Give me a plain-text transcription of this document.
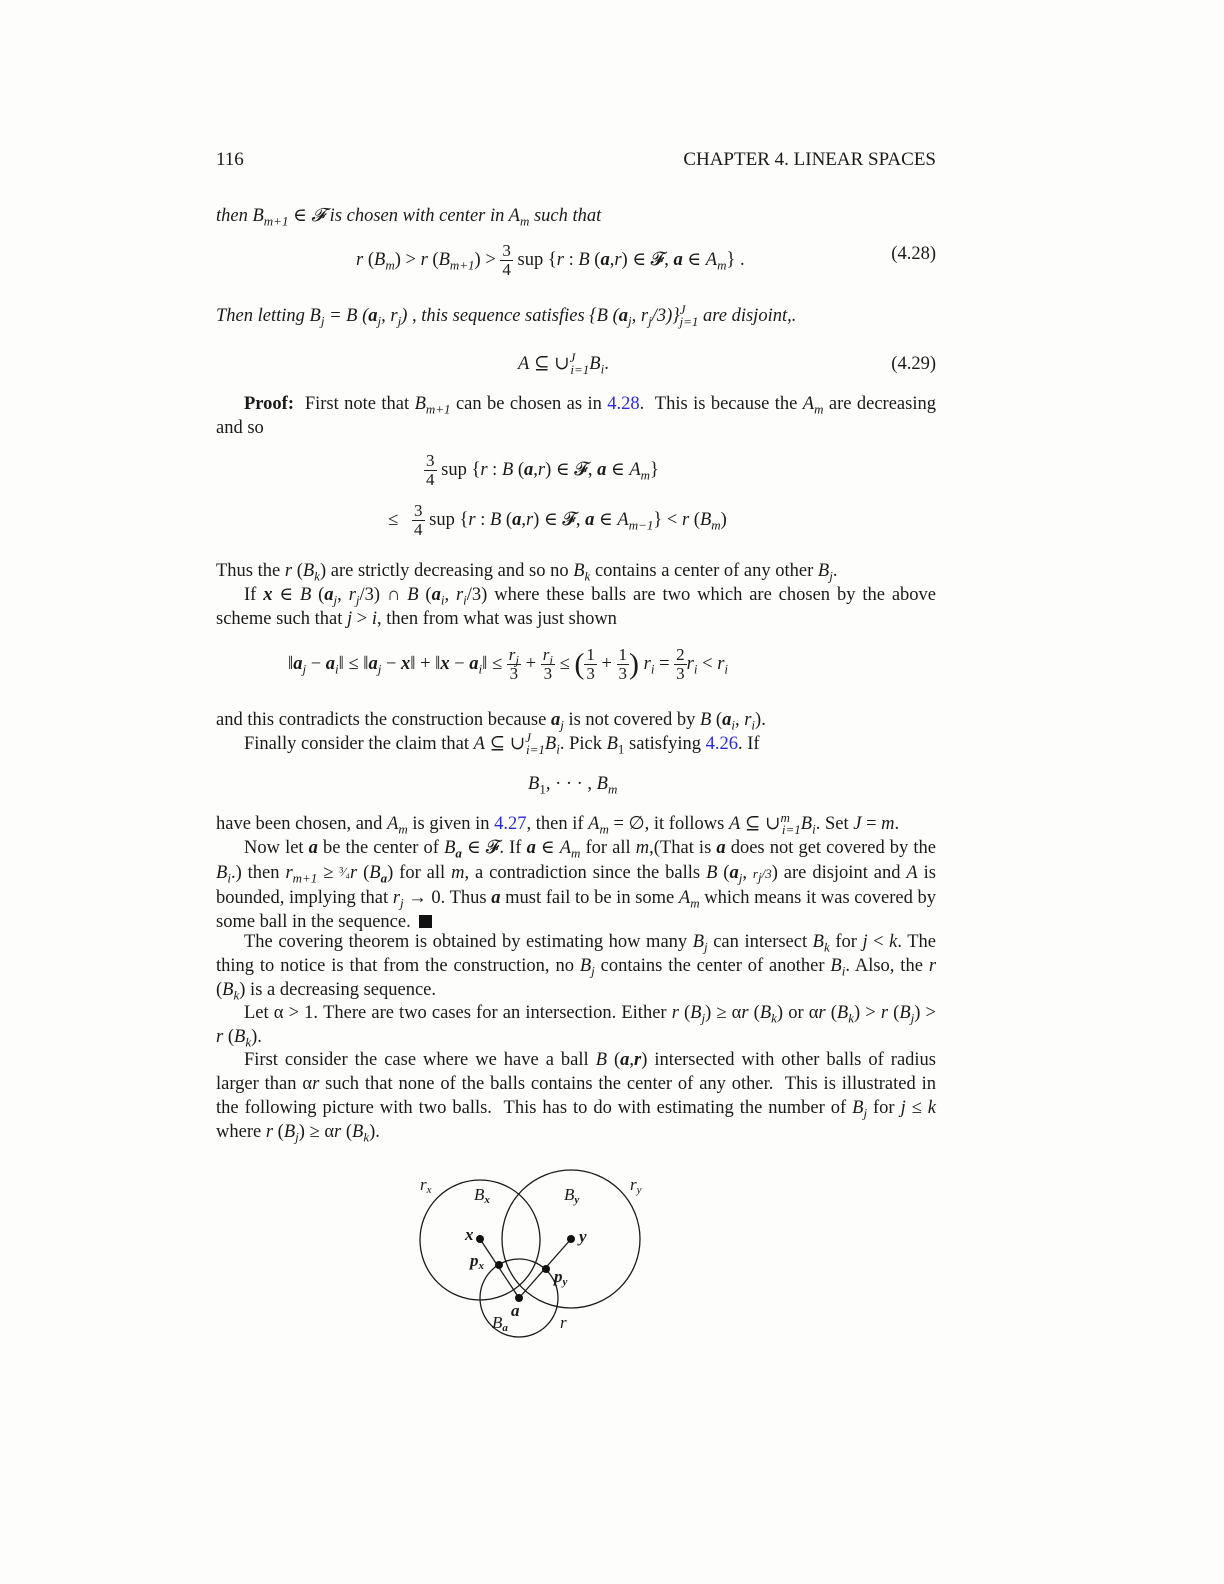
116	CHAPTER 4. LINEAR SPACES
then $B_{m+1}$ ∈ 𝓕 is chosen with center in $A_m$ such that
r $(B_m) > r$ $(B_{m+1}) > \frac{3}{4}$ sup {r : B (a,r) ∈ 𝓕, a ∈ $A_m$} .	(4.28)
Then letting $B_j = B$ ($a_j$, $r_j$) , this sequence satisfies {B ($a_j$, $r_j/3)\}^J_{j=1}$ are disjoint,.
A ⊆ $\cup^J_{i=1}B_i$.	(4.29)
Proof:  First note that $B_{m+1}$ can be chosen as in 4.28.  This is because the $A_m$ are decreasing and so
$\frac{3}{4}$ sup {r : B (a,r) ∈ 𝓕, a ∈ $A_m$}
≤ $\frac{3}{4}$ sup {r : B (a,r) ∈ 𝓕, a ∈ $A_{m-1}\} < r$ $(B_m)$
Thus the r $(B_k)$ are strictly decreasing and so no $B_k$ contains a center of any other $B_j$.
If x ∈ B ($a_j$, $r_j/3$) ∩ B ($a_i$, $r_i/3$) where these balls are two which are chosen by the above scheme such that j > i, then from what was just shown
$‖a_j$ − $a_i‖$ ≤ $‖a_j$ − x‖ + ‖x − $a_i‖ \le \frac{r_j}{3} + \frac{r_i}{3}$ ≤ ( $\frac{1}{3} + \frac{1}{3}$ ) $r_i = \frac{2}{3} r_i < r_i$
and this contradicts the construction because $a_j$ is not covered by B ($a_i$, $r_i$).
Finally consider the claim that A ⊆ $\cup^J_{i=1}B_i$. Pick $B_1$ satisfying 4.26. If
$B_1$, · · · , $B_m$
have been chosen, and $A_m$ is given in 4.27, then if $A_m$ = ∅, it follows A ⊆ $\cup^m_{i=1}B_i$. Set J = m.
Now let a be the center of $B_a$ ∈ 𝓕. If a ∈ $A_m$ for all m,(That is a does not get covered by the $B_i$.) then $r_{m+1}$ ≥ ³⁄₄r $(B_a)$ for all m, a contradiction since the balls B ($a_j$, $r_j/3$) are disjoint and A is bounded, implying that $r_j \to 0$. Thus a must fail to be in some $A_m$ which means it was covered by some ball in the sequence.
The covering theorem is obtained by estimating how many $B_j$ can intersect $B_k$ for j < k. The thing to notice is that from the construction, no $B_j$ contains the center of another $B_i$. Also, the r $(B_k)$ is a decreasing sequence.
Let α > 1. There are two cases for an intersection. Either r $(B_j) \ge \alpha r$ $(B_k)$ or αr $(B_k) > r$ $(B_j) > r$ $(B_k)$.
First consider the case where we have a ball B (a,r) intersected with other balls of radius larger than αr such that none of the balls contains the center of any other.  This is illustrated in the following picture with two balls.  This has to do with estimating the number of $B_j$ for j ≤ k where r $(B_j) \ge \alpha r$ $(B_k)$.
rx Bx	By
ry
x	y
px
py
a
Ba	r
